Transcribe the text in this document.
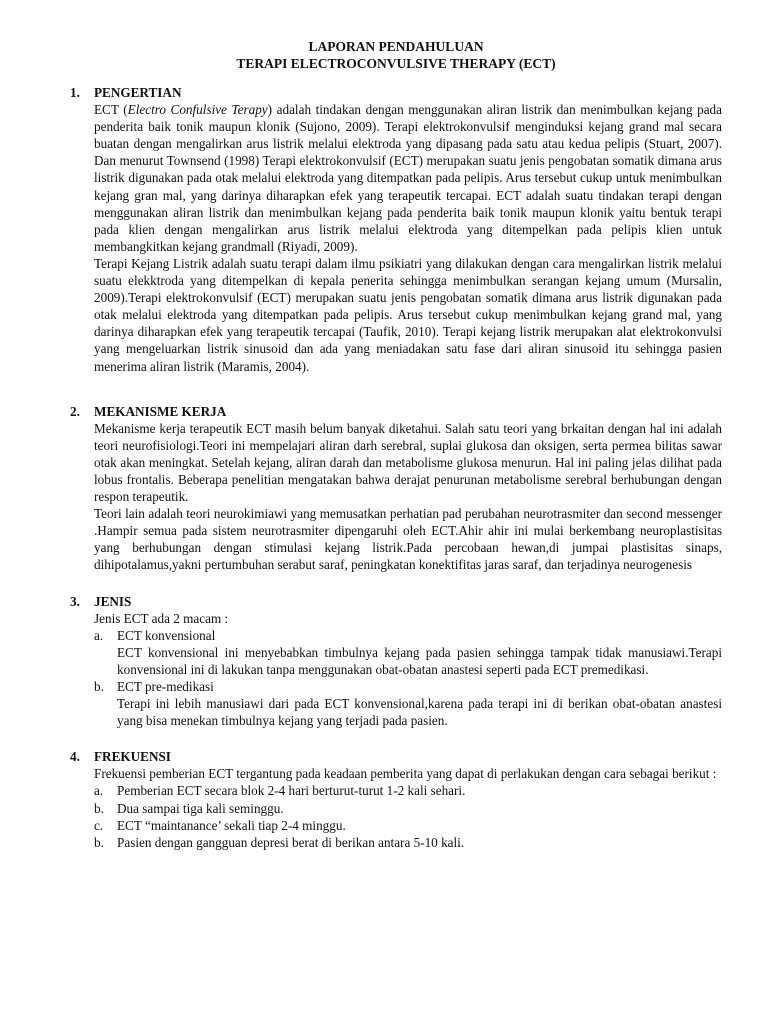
LAPORAN PENDAHULUAN

TERAPI ELECTROCONVULSIVE THERAPY (ECT)

1.	PENGERTIAN

ECT (Electro Confulsive Terapy) adalah tindakan dengan menggunakan aliran listrik dan menimbulkan kejang pada penderita baik tonik maupun klonik (Sujono, 2009). Terapi elektrokonvulsif menginduksi kejang grand mal secara buatan dengan mengalirkan arus listrik melalui elektroda yang dipasang pada satu atau kedua pelipis (Stuart, 2007). Dan menurut Townsend (1998) Terapi elektrokonvulsif (ECT) merupakan suatu jenis pengobatan somatik dimana arus listrik digunakan pada otak melalui elektroda yang ditempatkan pada pelipis. Arus tersebut cukup untuk menimbulkan kejang gran mal, yang darinya diharapkan efek yang terapeutik tercapai. ECT adalah suatu tindakan terapi dengan menggunakan aliran listrik dan menimbulkan kejang pada penderita baik tonik maupun klonik yaitu bentuk terapi pada klien dengan mengalirkan arus listrik melalui elektroda yang ditempelkan pada pelipis klien untuk membangkitkan kejang grandmall (Riyadi, 2009).

Terapi Kejang Listrik adalah suatu terapi dalam ilmu psikiatri yang dilakukan dengan cara mengalirkan listrik melalui suatu elekktroda yang ditempelkan di kepala penerita sehingga menimbulkan serangan kejang umum (Mursalin, 2009).Terapi elektrokonvulsif (ECT) merupakan suatu jenis pengobatan somatik dimana arus listrik digunakan pada otak melalui elektroda yang ditempatkan pada pelipis. Arus tersebut cukup menimbulkan kejang grand mal, yang darinya diharapkan efek yang terapeutik tercapai (Taufik, 2010). Terapi kejang listrik merupakan alat elektrokonvulsi yang mengeluarkan listrik sinusoid dan ada yang meniadakan satu fase dari aliran sinusoid itu sehingga pasien menerima aliran listrik (Maramis, 2004).

2.	MEKANISME KERJA

Mekanisme kerja terapeutik ECT masih belum banyak diketahui. Salah satu teori yang brkaitan dengan hal ini adalah teori neurofisiologi.Teori ini mempelajari aliran darh serebral, suplai glukosa dan oksigen, serta permea bilitas sawar otak akan meningkat. Setelah kejang, aliran darah dan metabolisme glukosa menurun. Hal ini paling jelas dilihat pada lobus frontalis. Beberapa penelitian mengatakan bahwa derajat penurunan metabolisme serebral berhubungan dengan respon terapeutik.

Teori lain adalah teori neurokimiawi yang memusatkan perhatian pad perubahan neurotrasmiter dan second messenger .Hampir semua pada sistem neurotrasmiter dipengaruhi oleh ECT.Ahir ahir ini mulai berkembang neuroplastisitas yang berhubungan dengan stimulasi kejang listrik.Pada percobaan hewan,di jumpai plastisitas sinaps, dihipotalamus,yakni pertumbuhan serabut saraf, peningkatan konektifitas jaras saraf, dan terjadinya neurogenesis

3.	JENIS

Jenis ECT ada 2 macam :

a.	ECT konvensional

ECT konvensional ini menyebabkan timbulnya kejang pada pasien sehingga tampak tidak manusiawi.Terapi konvensional ini di lakukan tanpa menggunakan obat-obatan anastesi seperti pada ECT premedikasi.

b. ECT pre-medikasi

Terapi ini lebih manusiawi dari pada ECT konvensional,karena pada terapi ini di berikan obat-obatan anastesi yang bisa menekan timbulnya kejang yang terjadi pada pasien.

4.	FREKUENSI

Frekuensi pemberian ECT tergantung pada keadaan pemberita yang dapat di perlakukan dengan cara sebagai berikut :

a.	Pemberian ECT secara blok 2-4 hari berturut-turut 1-2 kali sehari.
b. Dua sampai tiga kali seminggu.
c.	ECT “maintanance’ sekali tiap 2-4 minggu.
b. Pasien dengan gangguan depresi berat di berikan antara 5-10 kali.
